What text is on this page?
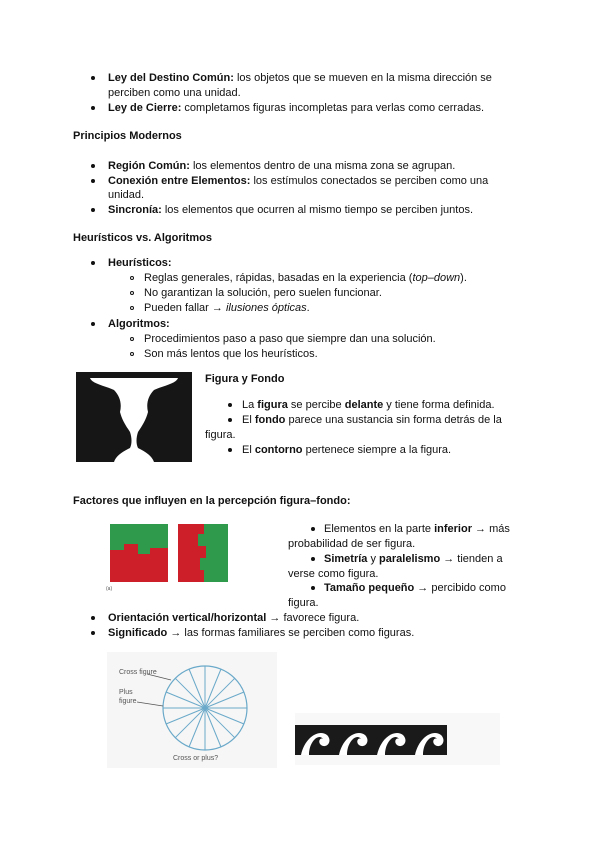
Ley del Destino Común: los objetos que se mueven en la misma dirección se
perciben como una unidad.
Ley de Cierre: completamos figuras incompletas para verlas como cerradas.
Principios Modernos
Región Común: los elementos dentro de una misma zona se agrupan.
Conexión entre Elementos: los estímulos conectados se perciben como una
unidad.
Sincronía: los elementos que ocurren al mismo tiempo se perciben juntos.
Heurísticos vs. Algoritmos
Heurísticos:
Reglas generales, rápidas, basadas en la experiencia (top–down).
No garantizan la solución, pero suelen funcionar.
Pueden fallar → ilusiones ópticas.
Algoritmos:
Procedimientos paso a paso que siempre dan una solución.
Son más lentos que los heurísticos.
Figura y Fondo
La figura se percibe delante y tiene forma definida.
El fondo parece una sustancia sin forma detrás de la
figura.
El contorno pertenece siempre a la figura.
Factores que influyen en la percepción figura–fondo:
(a)
Elementos en la parte inferior → más
probabilidad de ser figura.
Simetría y paralelismo → tienden a
verse como figura.
Tamaño pequeño → percibido como
figura.
Orientación vertical/horizontal → favorece figura.
Significado → las formas familiares se perciben como figuras.
Cross figure
Plus
figure
Cross or plus?
